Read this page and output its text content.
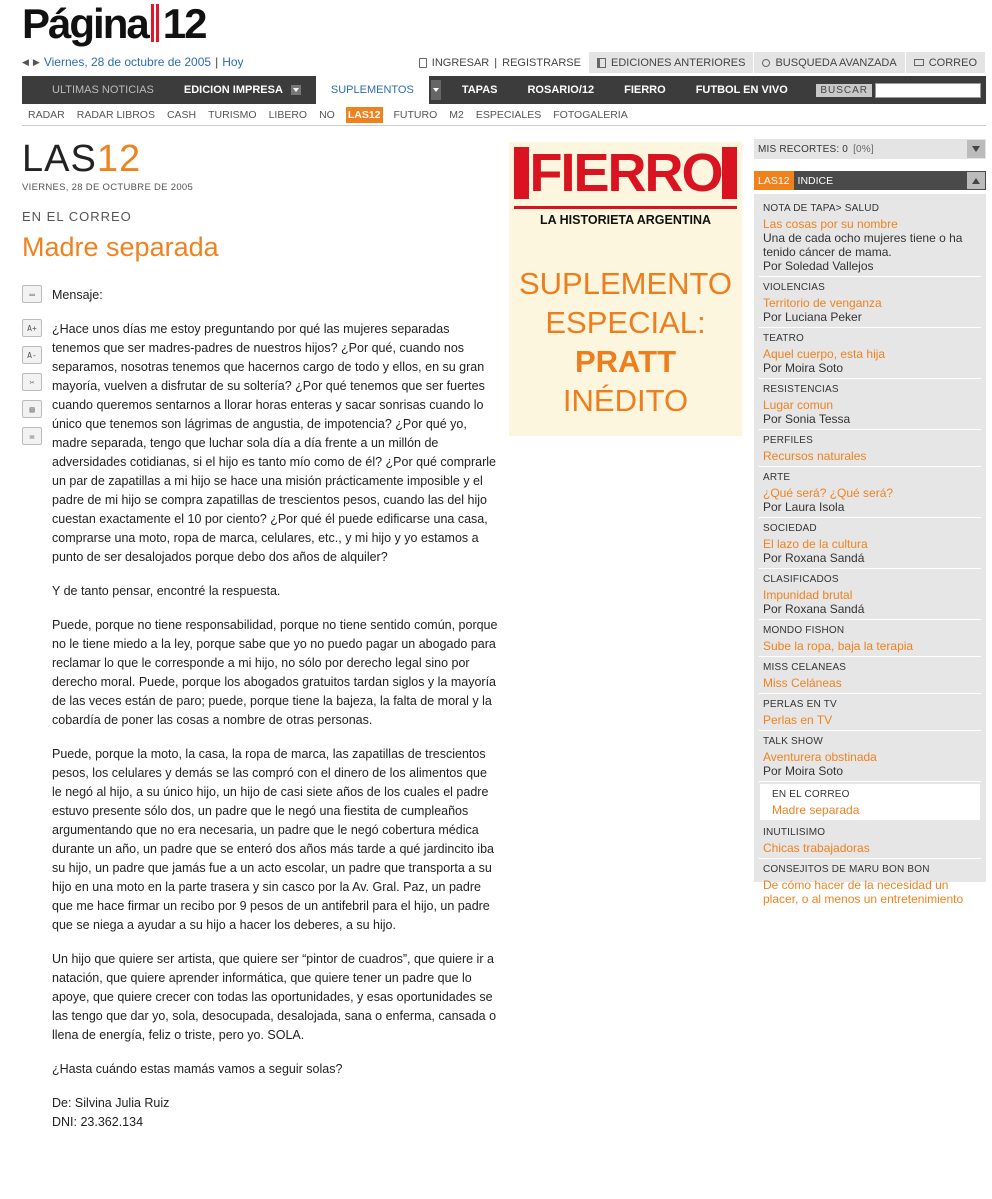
Página 12
◀ ▶ Viernes, 28 de octubre de 2005 | Hoy	INGRESAR | REGISTRARSE	EDICIONES ANTERIORES	BUSQUEDA AVANZADA	CORREO
ULTIMAS NOTICIAS	EDICION IMPRESA	SUPLEMENTOS	TAPAS	ROSARIO/12	FIERRO	FUTBOL EN VIVO	BUSCAR
RADAR	RADAR LIBROS	CASH	TURISMO	LIBERO	NO	LAS12	FUTURO	M2	ESPECIALES	FOTOGALERIA
LAS12
VIERNES, 28 DE OCTUBRE DE 2005
EN EL CORREO
Madre separada
▭
A+
A-
✂
▤
✉

Mensaje:

¿Hace unos días me estoy preguntando por qué las mujeres separadas tenemos que ser madres-padres de nuestros hijos? ¿Por qué, cuando nos separamos, nosotras tenemos que hacernos cargo de todo y ellos, en su gran mayoría, vuelven a disfrutar de su soltería? ¿Por qué tenemos que ser fuertes cuando queremos sentarnos a llorar horas enteras y sacar sonrisas cuando lo único que tenemos son lágrimas de angustia, de impotencia? ¿Por qué yo, madre separada, tengo que luchar sola día a día frente a un millón de adversidades cotidianas, si el hijo es tanto mío como de él? ¿Por qué comprarle un par de zapatillas a mi hijo se hace una misión prácticamente imposible y el padre de mi hijo se compra zapatillas de trescientos pesos, cuando las del hijo cuestan exactamente el 10 por ciento? ¿Por qué él puede edificarse una casa, comprarse una moto, ropa de marca, celulares, etc., y mi hijo y yo estamos a punto de ser desalojados porque debo dos años de alquiler?

Y de tanto pensar, encontré la respuesta.

Puede, porque no tiene responsabilidad, porque no tiene sentido común, porque no le tiene miedo a la ley, porque sabe que yo no puedo pagar un abogado para reclamar lo que le corresponde a mi hijo, no sólo por derecho legal sino por derecho moral. Puede, porque los abogados gratuitos tardan siglos y la mayoría de las veces están de paro; puede, porque tiene la bajeza, la falta de moral y la cobardía de poner las cosas a nombre de otras personas.

Puede, porque la moto, la casa, la ropa de marca, las zapatillas de trescientos pesos, los celulares y demás se las compró con el dinero de los alimentos que le negó al hijo, a su único hijo, un hijo de casi siete años de los cuales el padre estuvo presente sólo dos, un padre que le negó una fiestita de cumpleaños argumentando que no era necesaria, un padre que le negó cobertura médica durante un año, un padre que se enteró dos años más tarde a qué jardincito iba su hijo, un padre que jamás fue a un acto escolar, un padre que transporta a su hijo en una moto en la parte trasera y sin casco por la Av. Gral. Paz, un padre que me hace firmar un recibo por 9 pesos de un antifebril para el hijo, un padre que se niega a ayudar a su hijo a hacer los deberes, a su hijo.

Un hijo que quiere ser artista, que quiere ser “pintor de cuadros”, que quiere ir a natación, que quiere aprender informática, que quiere tener un padre que lo apoye, que quiere crecer con todas las oportunidades, y esas oportunidades se las tengo que dar yo, sola, desocupada, desalojada, sana o enferma, cansada o llena de energía, feliz o triste, pero yo. SOLA.

¿Hasta cuándo estas mamás vamos a seguir solas?

De: Silvina Julia Ruiz

DNI: 23.362.134

FIERRO
LA HISTORIETA ARGENTINA
SUPLEMENTO
ESPECIAL:
PRATT
INÉDITO
MIS RECORTES: 0 [0%]
LAS12 INDICE
NOTA DE TAPA> SALUD
Las cosas por su nombre
Una de cada ocho mujeres tiene o ha tenido cáncer de mama.
Por Soledad Vallejos
VIOLENCIAS
Territorio de venganza
Por Luciana Peker
TEATRO
Aquel cuerpo, esta hija
Por Moira Soto
RESISTENCIAS
Lugar comun
Por Sonia Tessa
PERFILES
Recursos naturales
ARTE
¿Qué será? ¿Qué será?
Por Laura Isola
SOCIEDAD
El lazo de la cultura
Por Roxana Sandá
CLASIFICADOS
Impunidad brutal
Por Roxana Sandá
MONDO FISHON
Sube la ropa, baja la terapia
MISS CELANEAS
Miss Celáneas
PERLAS EN TV
Perlas en TV
TALK SHOW
Aventurera obstinada
Por Moira Soto
EN EL CORREO
Madre separada
INUTILISIMO
Chicas trabajadoras
CONSEJITOS DE MARU BON BON
De cómo hacer de la necesidad un placer, o al menos un entretenimiento
